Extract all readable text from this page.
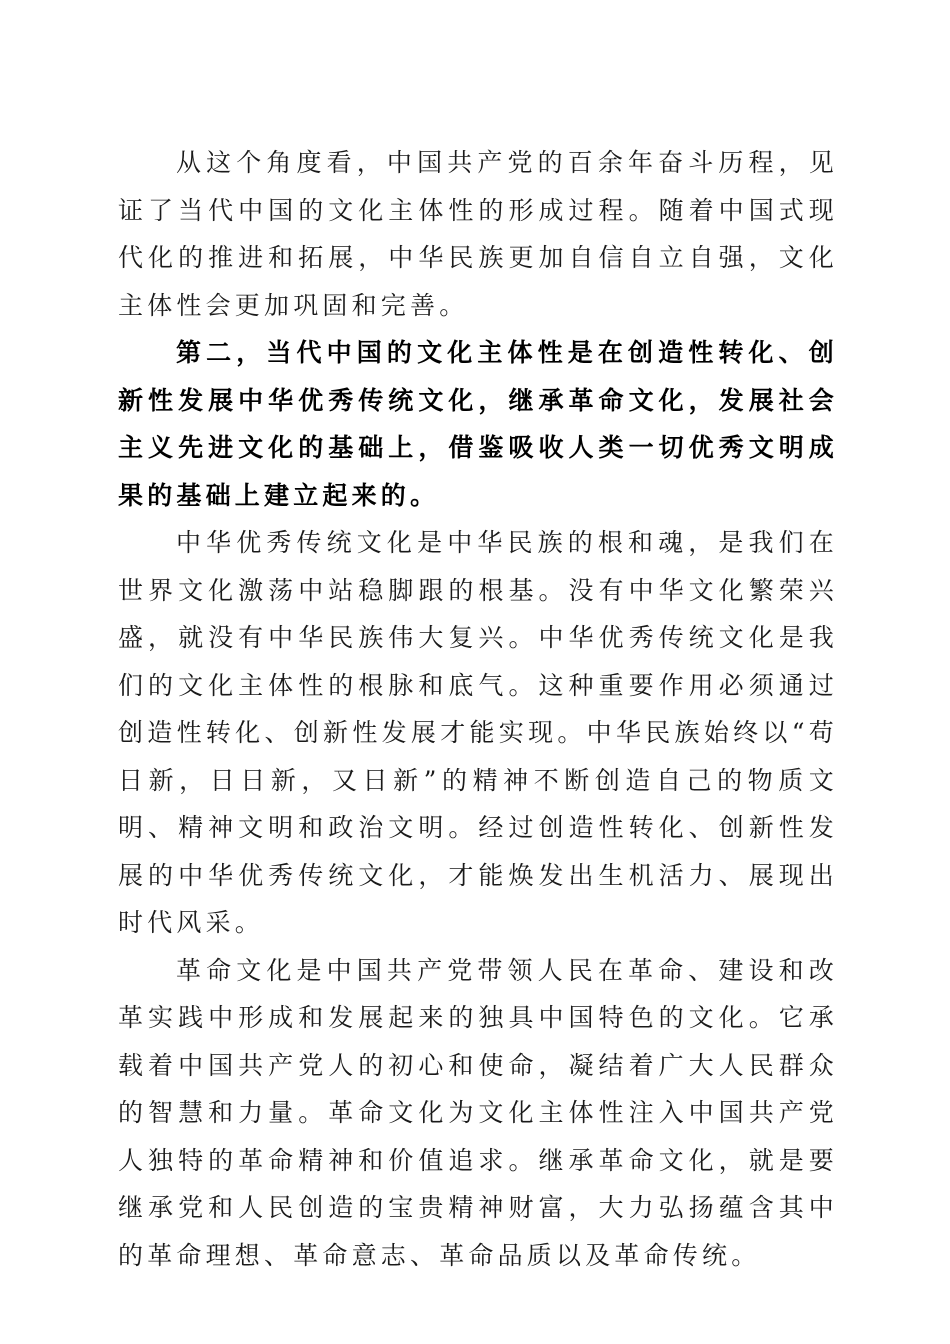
从这个角度看，中国共产党的百余年奋斗历程，见证了当代中国的文化主体性的形成过程。随着中国式现代化的推进和拓展，中华民族更加自信自立自强，文化主体性会更加巩固和完善。

第二，当代中国的文化主体性是在创造性转化、创新性发展中华优秀传统文化，继承革命文化，发展社会主义先进文化的基础上，借鉴吸收人类一切优秀文明成果的基础上建立起来的。

中华优秀传统文化是中华民族的根和魂，是我们在世界文化激荡中站稳脚跟的根基。没有中华文化繁荣兴盛，就没有中华民族伟大复兴。中华优秀传统文化是我们的文化主体性的根脉和底气。这种重要作用必须通过创造性转化、创新性发展才能实现。中华民族始终以“苟日新，日日新，又日新”的精神不断创造自己的物质文明、精神文明和政治文明。经过创造性转化、创新性发展的中华优秀传统文化，才能焕发出生机活力、展现出时代风采。

革命文化是中国共产党带领人民在革命、建设和改革实践中形成和发展起来的独具中国特色的文化。它承载着中国共产党人的初心和使命，凝结着广大人民群众的智慧和力量。革命文化为文化主体性注入中国共产党人独特的革命精神和价值追求。继承革命文化，就是要继承党和人民创造的宝贵精神财富，大力弘扬蕴含其中的革命理想、革命意志、革命品质以及革命传统。
